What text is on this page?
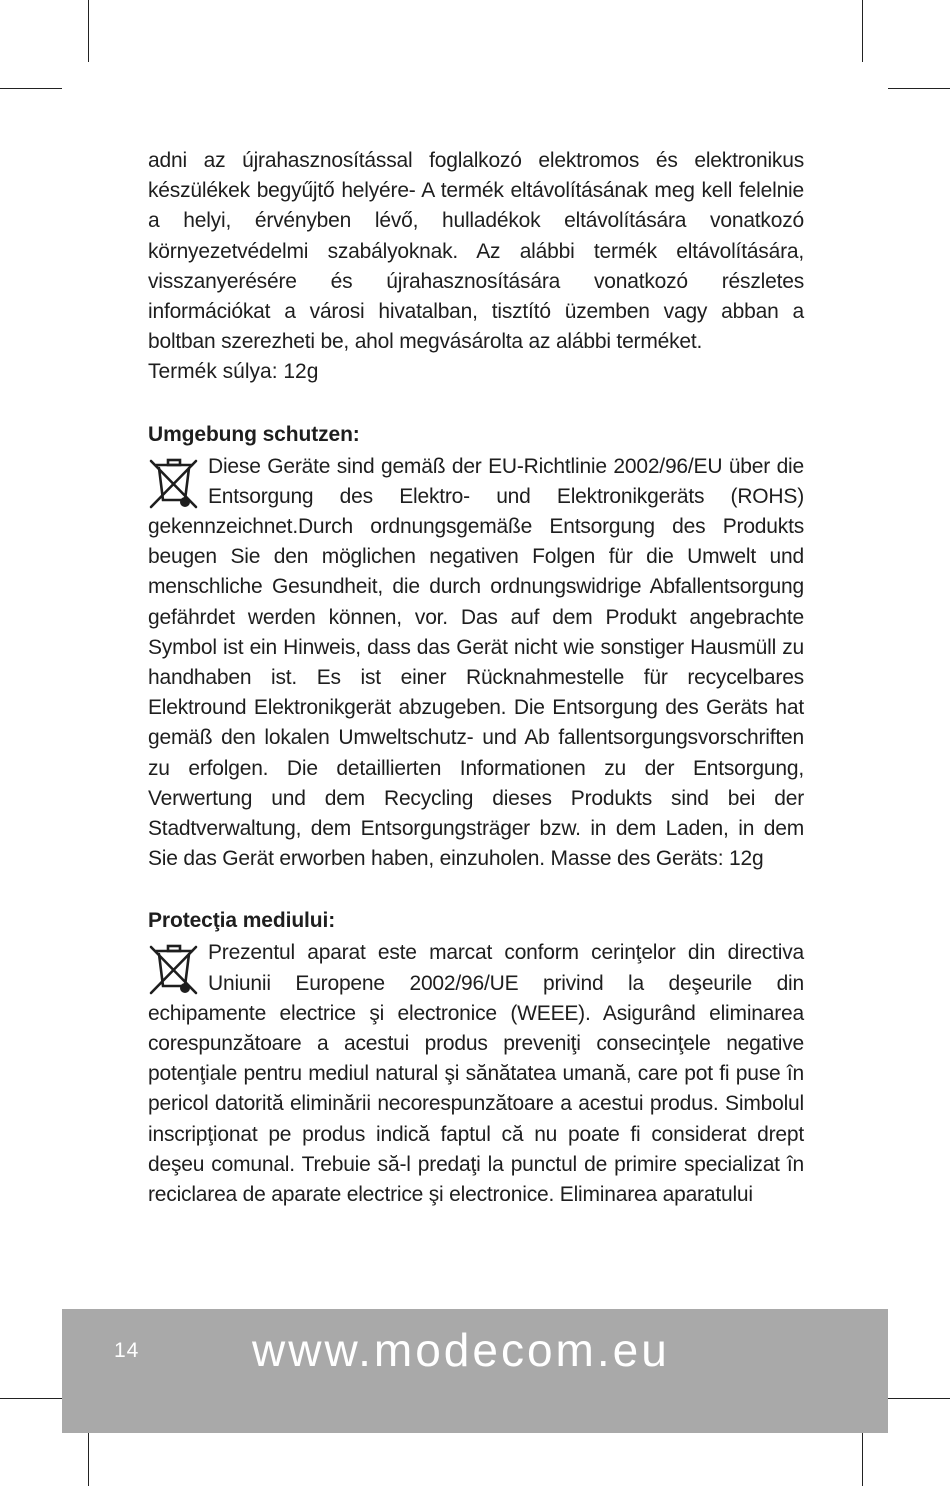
adni az újrahasznosítással foglalkozó elektromos és elektronikus készülékek begyűjtő helyére- A termék eltávolításának meg kell felelnie a helyi, érvényben lévő, hulladékok eltávolítására vonatkozó környezetvédelmi szabályoknak. Az alábbi termék eltávolítására, visszanyerésére és újrahasznosítására vonatkozó részletes információkat a városi hivatalban, tisztító üzemben vagy abban a boltban szerezheti be, ahol megvásárolta az alábbi terméket.

Termék súlya: 12g

Umgebung schutzen:

Diese Geräte sind gemäß der EU-Richtlinie 2002/96/EU über die Entsorgung des Elektro- und Elektronikgeräts (ROHS) gekennzeichnet.Durch ordnungsgemäße Entsorgung des Produkts beugen Sie den möglichen negativen Folgen für die Umwelt und menschliche Gesundheit, die durch ordnungswidrige Abfallentsorgung gefährdet werden können, vor. Das auf dem Produkt angebrachte Symbol ist ein Hinweis, dass das Gerät nicht wie sonstiger Hausmüll zu handhaben ist. Es ist einer Rücknahmestelle für recycelbares Elektround Elektronikgerät abzugeben. Die Entsorgung des Geräts hat gemäß den lokalen Umweltschutz- und Ab fallentsorgungsvorschriften zu erfolgen. Die detaillierten Informationen zu der Entsorgung, Verwertung und dem Recycling dieses Produkts sind bei der Stadtverwaltung, dem Entsorgungsträger bzw. in dem Laden, in dem Sie das Gerät erworben haben, einzuholen. Masse des Geräts: 12g

Protecţia mediului:

Prezentul aparat este marcat conform cerinţelor din directiva Uniunii Europene 2002/96/UE privind la deşeurile din echipamente electrice şi electronice (WEEE). Asigurând eliminarea corespunzătoare a acestui produs preveniţi consecinţele negative potenţiale pentru mediul natural şi sănătatea umană, care pot fi puse în pericol datorită eliminării necorespunzătoare a acestui produs. Simbolul inscripţionat pe produs indică faptul că nu poate fi considerat drept deşeu comunal. Trebuie să-l predaţi la punctul de primire specializat în reciclarea de aparate electrice şi electronice. Eliminarea aparatului

14 www.modecom.eu
